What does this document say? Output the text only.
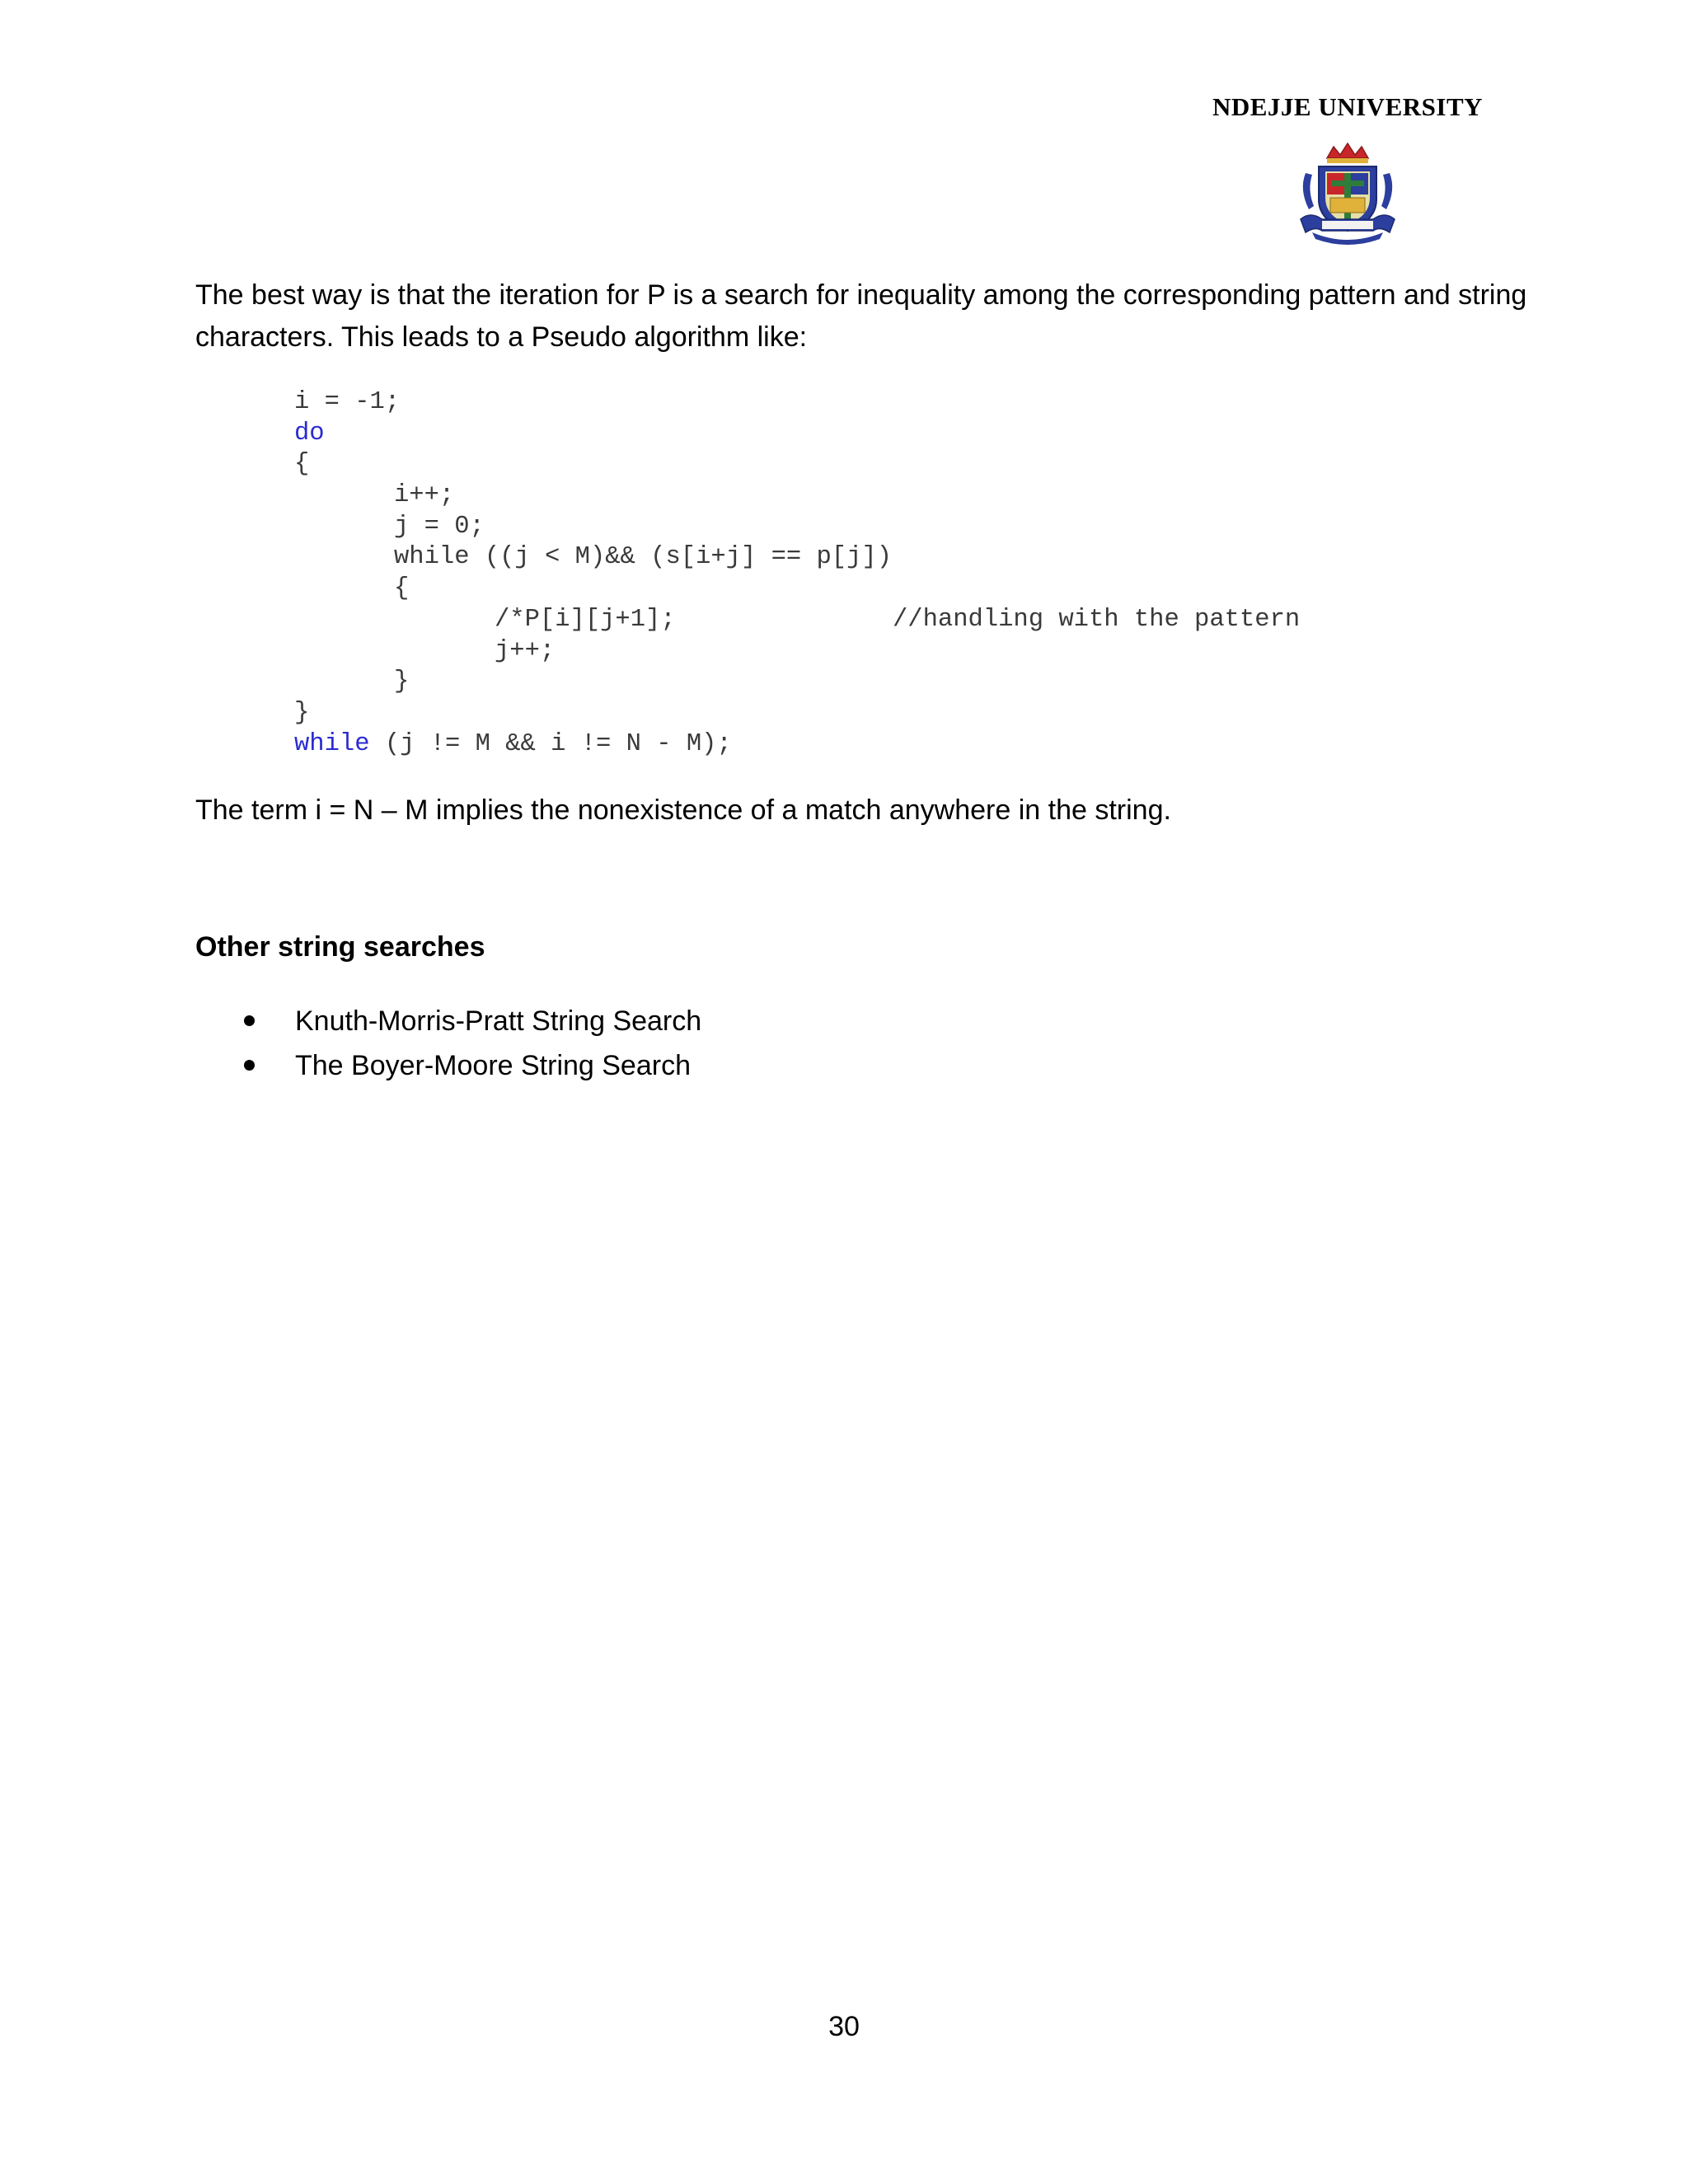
NDEJJE UNIVERSITY

The best way is that the iteration for P is a search for inequality among the corresponding pattern and string characters. This leads to a Pseudo algorithm like:

i = -1;
do
{
i++;
j = 0;
while ((j < M)&& (s[i+j] == p[j])
{
/*P[i][j+1];	//handling with the pattern
j++;
}
}
while (j != M && i != N - M);

The term i = N – M implies the nonexistence of a match anywhere in the string.

Other string searches
Knuth-Morris-Pratt String Search
The Boyer-Moore String Search
30
